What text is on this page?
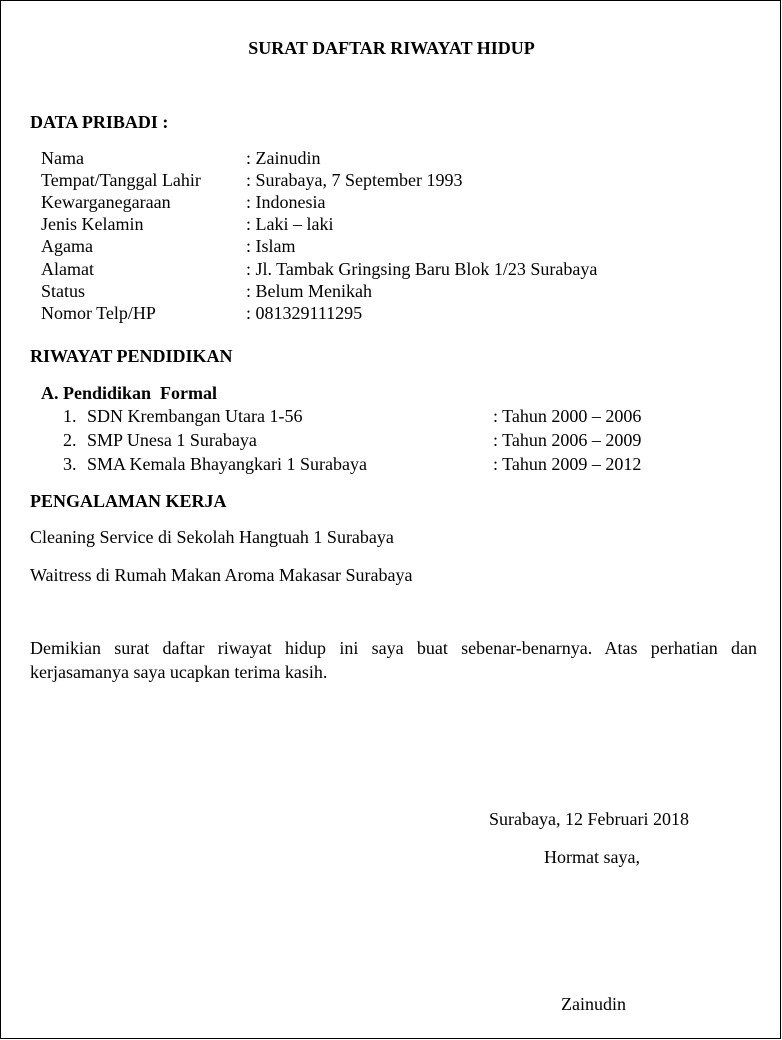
SURAT DAFTAR RIWAYAT HIDUP
DATA PRIBADI :
Nama	: Zainudin
Tempat/Tanggal Lahir	: Surabaya, 7 September 1993
Kewarganegaraan	: Indonesia
Jenis Kelamin	: Laki – laki
Agama	: Islam
Alamat	: Jl. Tambak Gringsing Baru Blok 1/23 Surabaya
Status	: Belum Menikah
Nomor Telp/HP	: 081329111295
RIWAYAT PENDIDIKAN
A. Pendidikan  Formal
1. SDN Krembangan Utara 1-56	: Tahun 2000 – 2006
2. SMP Unesa 1 Surabaya	: Tahun 2006 – 2009
3. SMA Kemala Bhayangkari 1 Surabaya	: Tahun 2009 – 2012
PENGALAMAN KERJA
Cleaning Service di Sekolah Hangtuah 1 Surabaya
Waitress di Rumah Makan Aroma Makasar Surabaya
Demikian surat daftar riwayat hidup ini saya buat sebenar-benarnya. Atas perhatian dan kerjasamanya saya ucapkan terima kasih.
Surabaya, 12 Februari 2018
Hormat saya,
Zainudin
